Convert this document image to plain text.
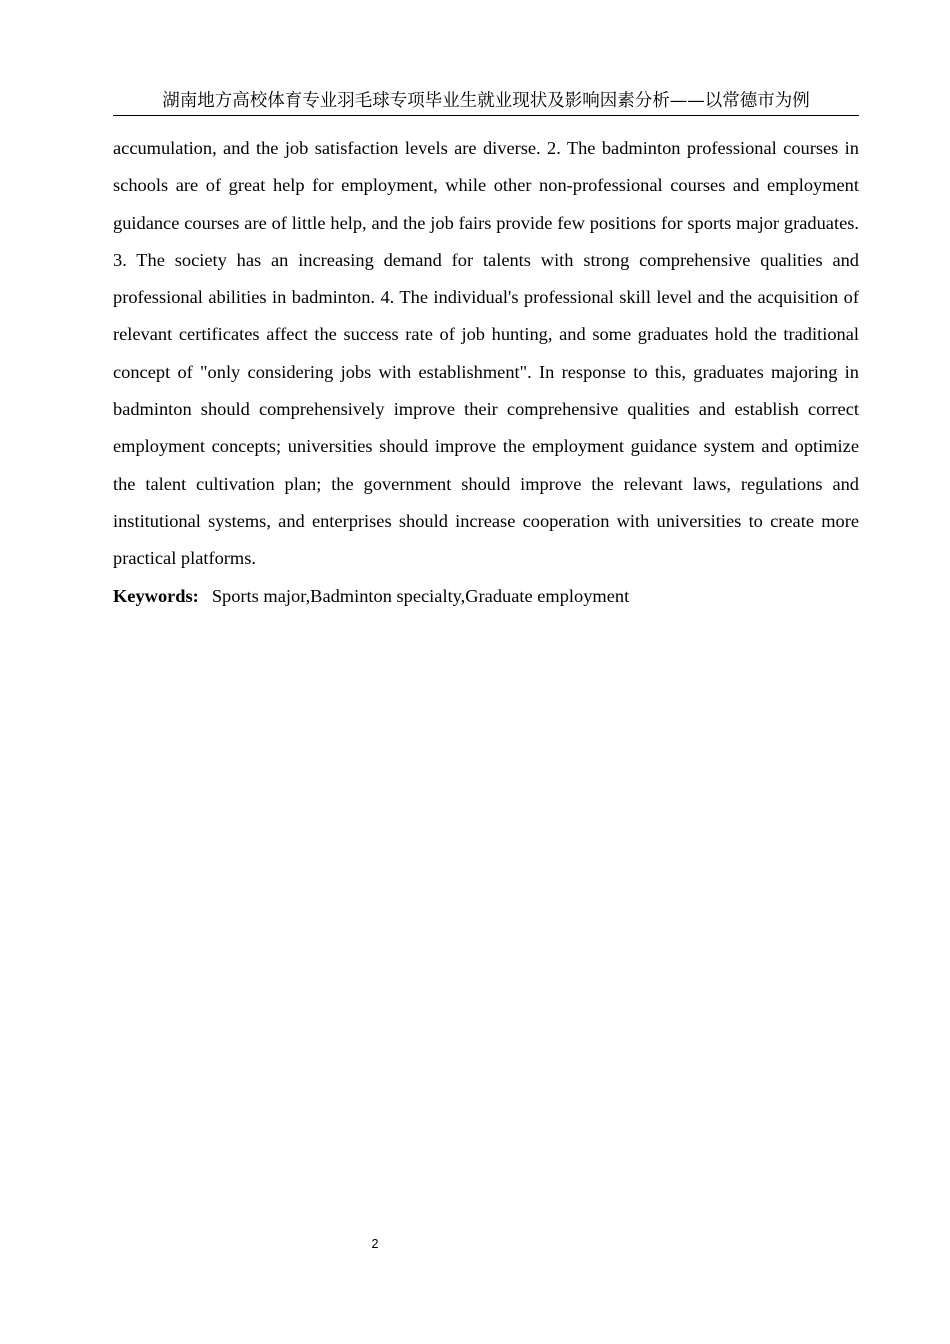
湖南地方高校体育专业羽毛球专项毕业生就业现状及影响因素分析——以常德市为例

accumulation, and the job satisfaction levels are diverse. 2. The badminton professional courses in schools are of great help for employment, while other non-professional courses and employment guidance courses are of little help, and the job fairs provide few positions for sports major graduates. 3. The society has an increasing demand for talents with strong comprehensive qualities and professional abilities in badminton. 4. The individual's professional skill level and the acquisition of relevant certificates affect the success rate of job hunting, and some graduates hold the traditional concept of "only considering jobs with establishment". In response to this, graduates majoring in badminton should comprehensively improve their comprehensive qualities and establish correct employment concepts; universities should improve the employment guidance system and optimize the talent cultivation plan; the government should improve the relevant laws, regulations and institutional systems, and enterprises should increase cooperation with universities to create more practical platforms.

Keywords: Sports major,Badminton specialty,Graduate employment

2
